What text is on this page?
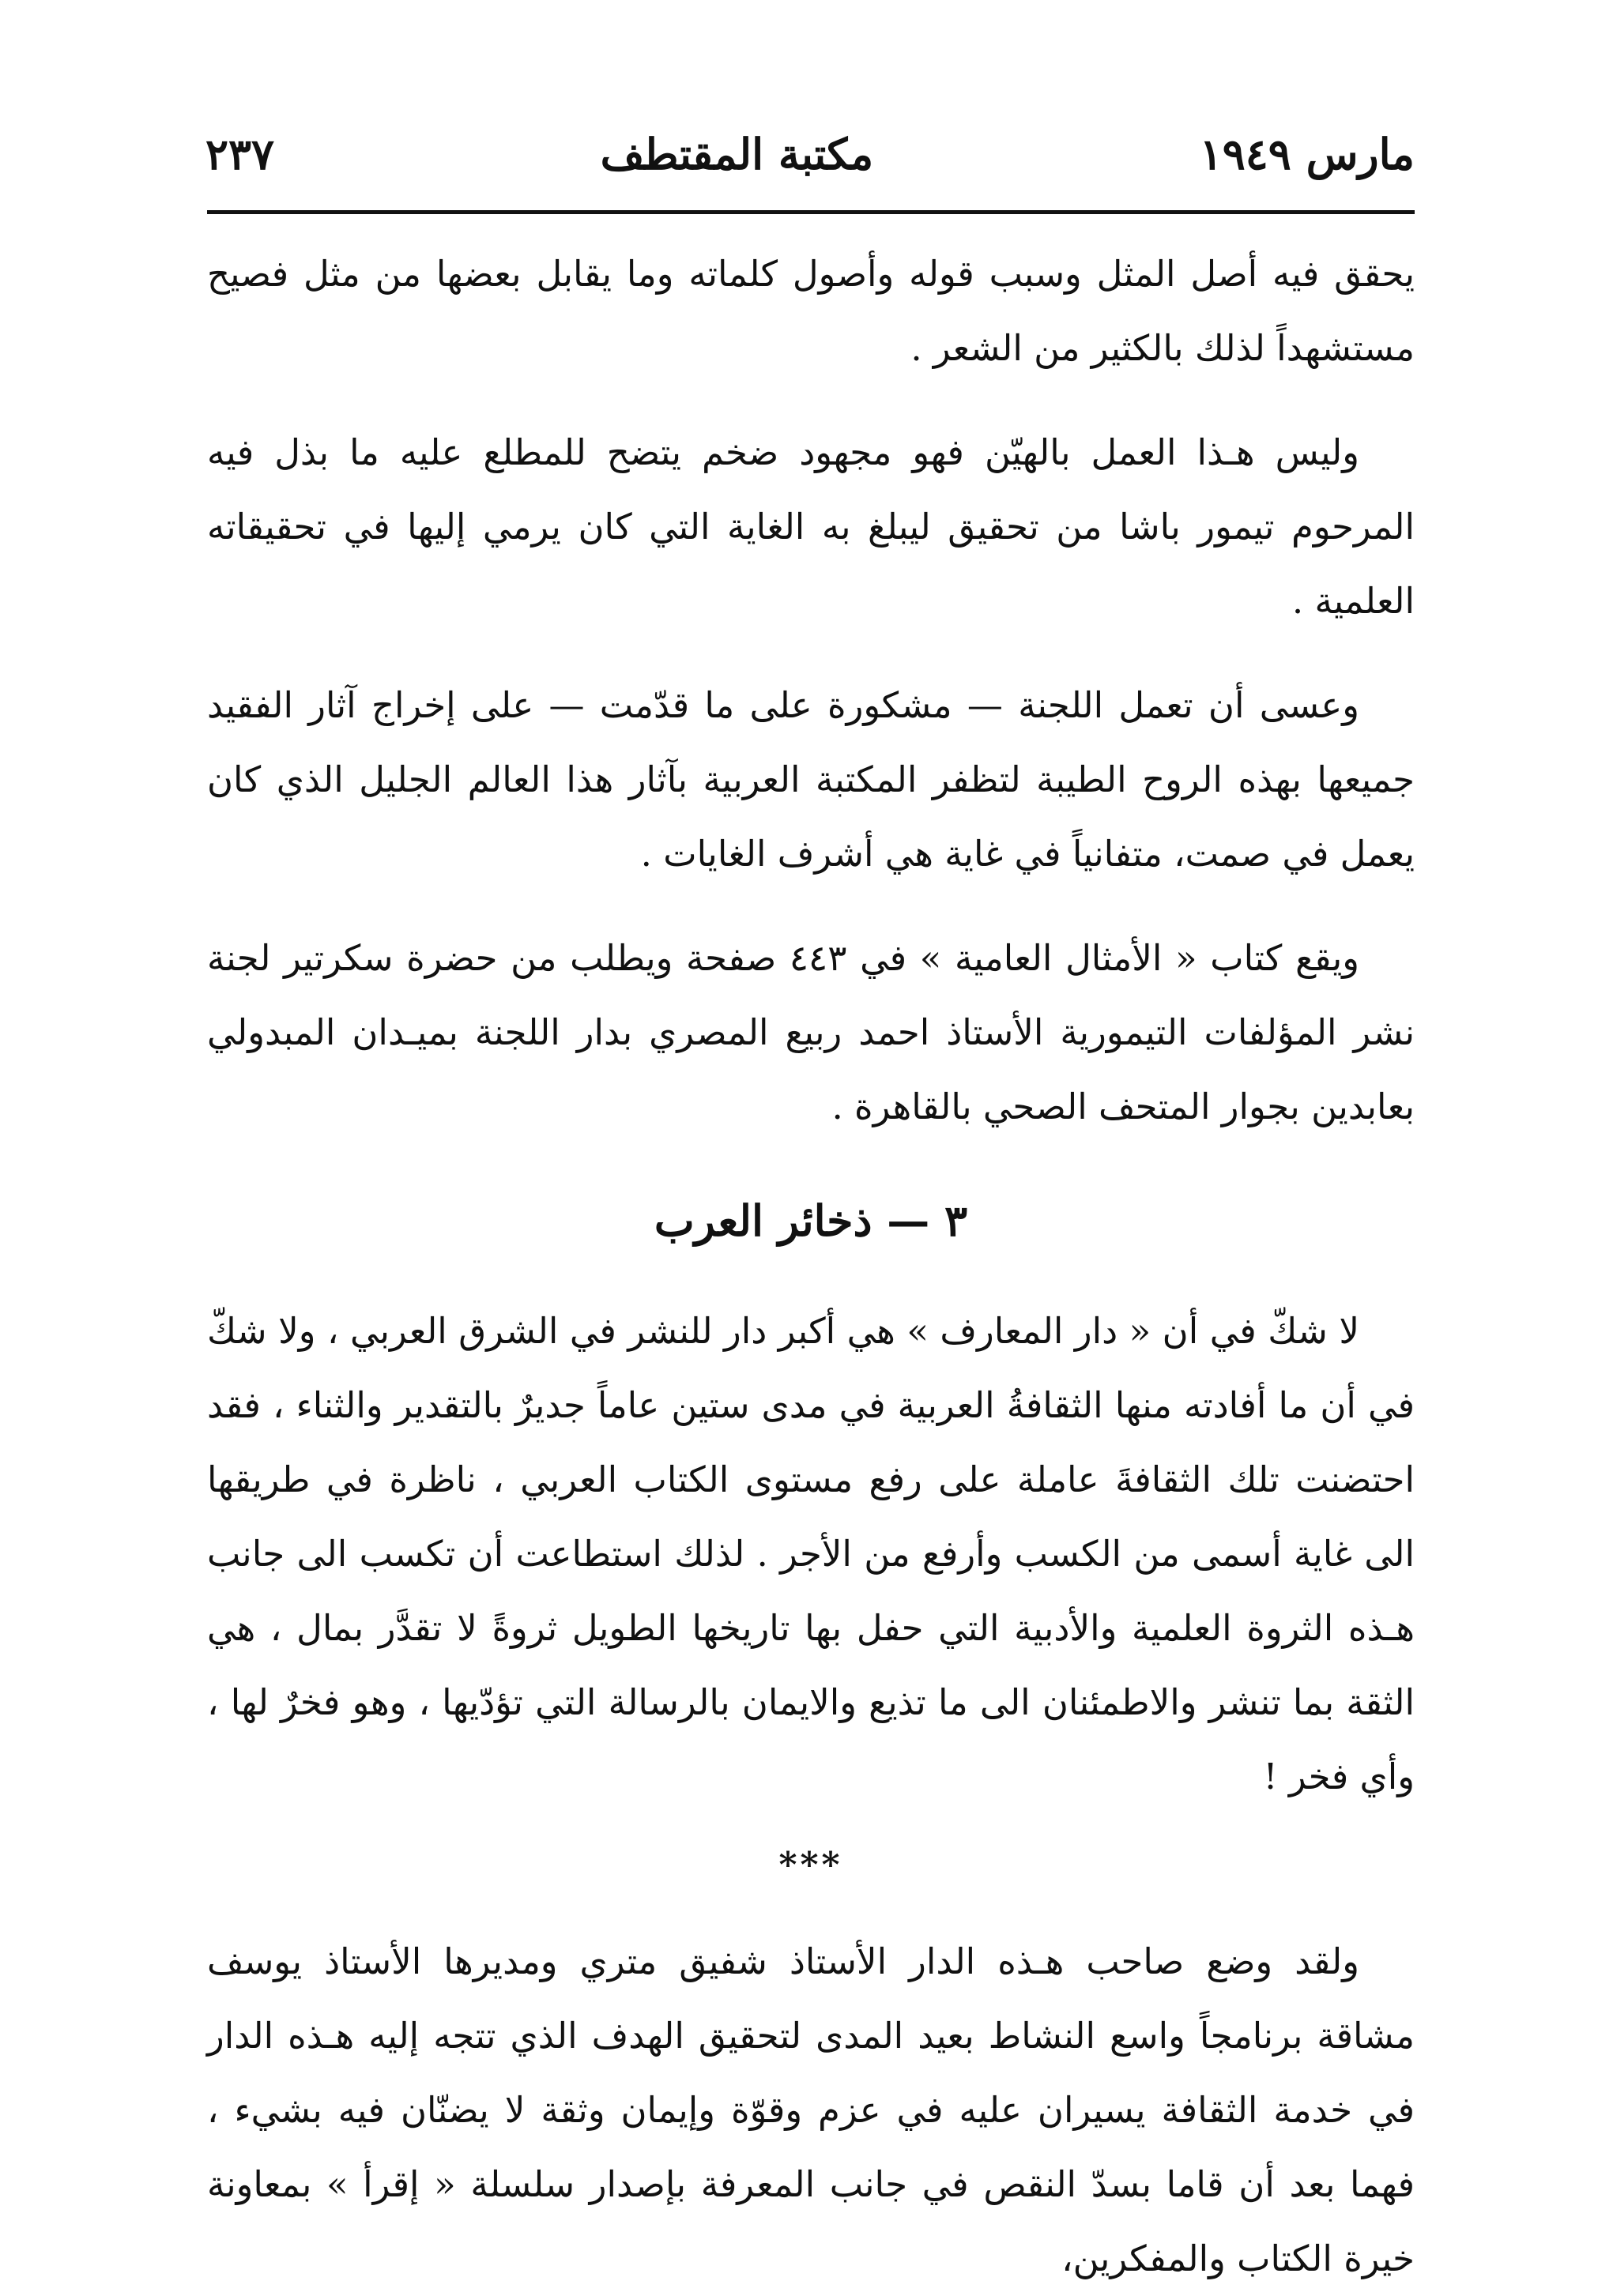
مارس ١٩٤٩
مكتبة المقتطف
٢٣٧

يحقق فيه أصل المثل وسبب قوله وأصول كلماته وما يقابل بعضها من مثل فصيح مستشهداً لذلك بالكثير من الشعر .

وليس هـذا العمل بالهيّن فهو مجهود ضخم يتضح للمطلع عليه ما بذل فيه المرحوم تيمور باشا من تحقيق ليبلغ به الغاية التي كان يرمي إليها في تحقيقاته العلمية .

وعسى أن تعمل اللجنة — مشكورة على ما قدّمت — على إخراج آثار الفقيد جميعها بهذه الروح الطيبة لتظفر المكتبة العربية بآثار هذا العالم الجليل الذي كان يعمل في صمت، متفانياً في غاية هي أشرف الغايات .

ويقع كتاب « الأمثال العامية » في ٤٤٣ صفحة ويطلب من حضرة سكرتير لجنة نشر المؤلفات التيمورية الأستاذ احمد ربيع المصري بدار اللجنة بميـدان المبدولي بعابدين بجوار المتحف الصحي بالقاهرة .

٣ — ذخائر العرب

لا شكّ في أن « دار المعارف » هي أكبر دار للنشر في الشرق العربي ، ولا شكّ في أن ما أفادته منها الثقافةُ العربية في مدى ستين عاماً جديرٌ بالتقدير والثناء ، فقد احتضنت تلك الثقافةَ عاملة على رفع مستوى الكتاب العربي ، ناظرة في طريقها الى غاية أسمى من الكسب وأرفع من الأجر . لذلك استطاعت أن تكسب الى جانب هـذه الثروة العلمية والأدبية التي حفل بها تاريخها الطويل ثروةً لا تقدَّر بمال ، هي الثقة بما تنشر والاطمئنان الى ما تذيع والايمان بالرسالة التي تؤدّيها ، وهو فخرٌ لها ، وأي فخر !

***

ولقد وضع صاحب هـذه الدار الأستاذ شفيق متري ومديرها الأستاذ يوسف مشاقة برنامجاً واسع النشاط بعيد المدى لتحقيق الهدف الذي تتجه إليه هـذه الدار في خدمة الثقافة يسيران عليه في عزم وقوّة وإيمان وثقة لا يضنّان فيه بشيء ، فهما بعد أن قاما بسدّ النقص في جانب المعرفة بإصدار سلسلة « إقرأ » بمعاونة خيرة الكتاب والمفكرين،
